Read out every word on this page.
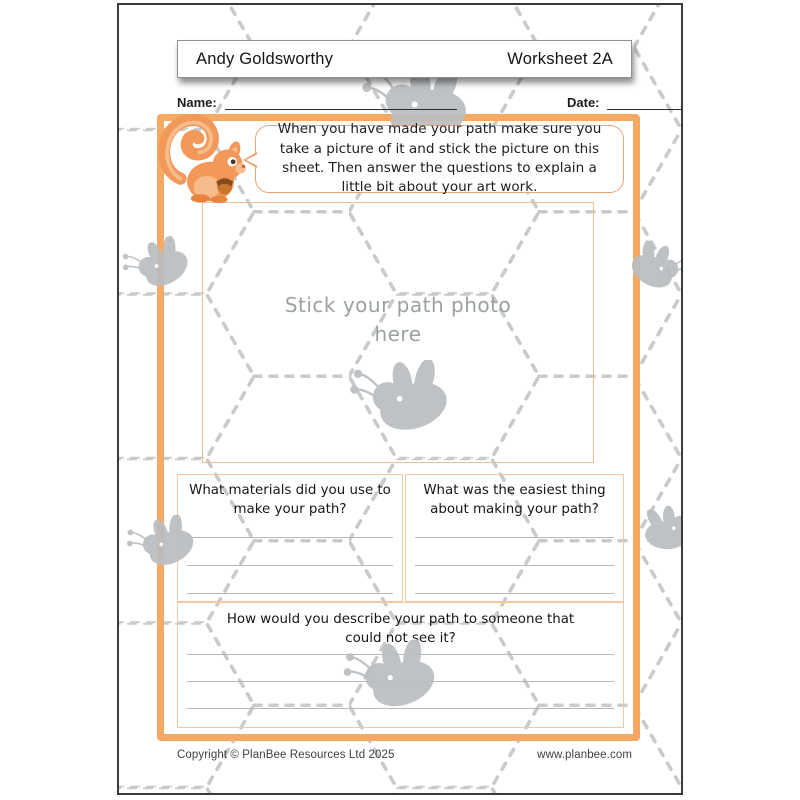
Andy Goldsworthy	Worksheet 2A
Name:	Date:
When you have made your path make sure you take a picture of it and stick the picture on this sheet. Then answer the questions to explain a little bit about your art work.
Stick your path photo here
What materials did you use to make your path?
What was the easiest thing about making your path?
How would you describe your path to someone that could not see it?
Copyright © PlanBee Resources Ltd 2025	www.planbee.com
